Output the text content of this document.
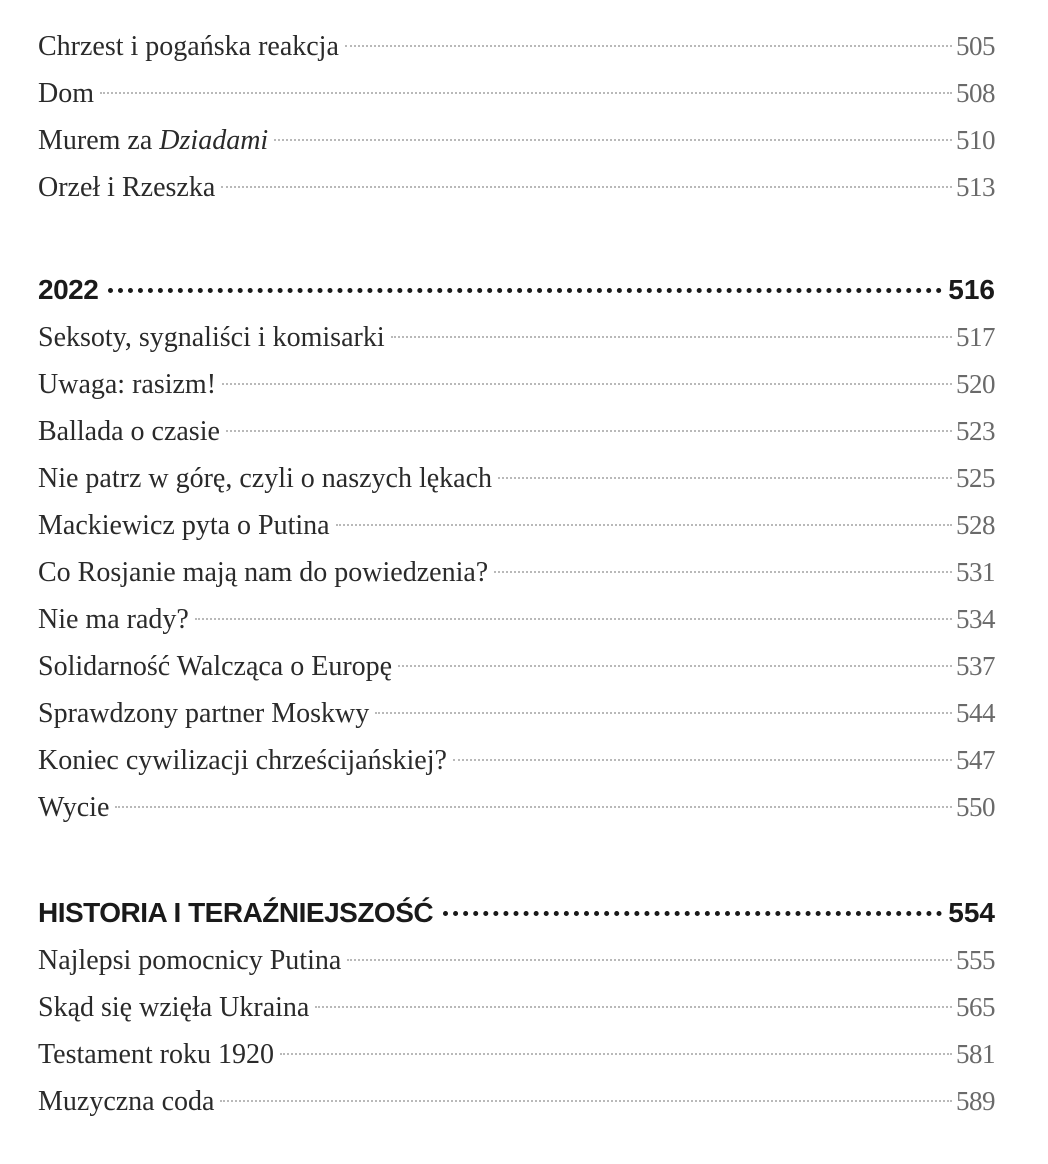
Chrzest i pogańska reakcja	505
Dom	508
Murem za Dziadami	510
Orzeł i Rzeszka	513
2022	516
Seksoty, sygnaliści i komisarki	517
Uwaga: rasizm!	520
Ballada o czasie	523
Nie patrz w górę, czyli o naszych lękach	525
Mackiewicz pyta o Putina	528
Co Rosjanie mają nam do powiedzenia?	531
Nie ma rady?	534
Solidarność Walcząca o Europę	537
Sprawdzony partner Moskwy	544
Koniec cywilizacji chrześcijańskiej?	547
Wycie	550
HISTORIA I TERAŹNIEJSZOŚĆ	554
Najlepsi pomocnicy Putina	555
Skąd się wzięła Ukraina	565
Testament roku 1920	581
Muzyczna coda	589
